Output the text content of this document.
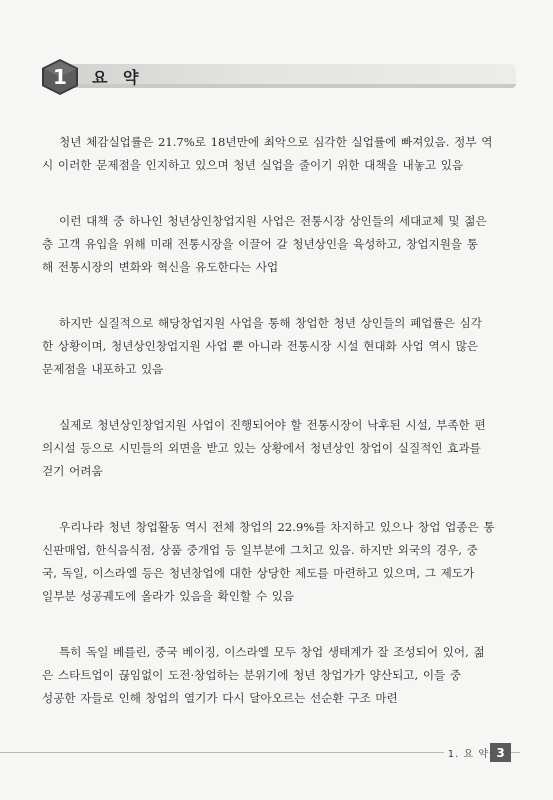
1	요 약

청년 체감실업률은 21.7%로 18년만에 최악으로 심각한 실업률에 빠져있음. 정부 역
시 이러한 문제점을 인지하고 있으며 청년 실업을 줄이기 위한 대책을 내놓고 있음

이런 대책 중 하나인 청년상인창업지원 사업은 전통시장 상인들의 세대교체 및 젊은
층 고객 유입을 위해 미래 전통시장을 이끌어 갈 청년상인을 육성하고, 창업지원을 통
해 전통시장의 변화와 혁신을 유도한다는 사업

하지만 실질적으로 해당창업지원 사업을 통해 창업한 청년 상인들의 폐업률은 심각
한 상황이며, 청년상인창업지원 사업 뿐 아니라 전통시장 시설 현대화 사업 역시 많은
문제점을 내포하고 있음

실제로 청년상인창업지원 사업이 진행되어야 할 전통시장이 낙후된 시설, 부족한 편
의시설 등으로 시민들의 외면을 받고 있는 상황에서 청년상인 창업이 실질적인 효과를
걷기 어려움

우리나라 청년 창업활동 역시 전체 창업의 22.9%를 차지하고 있으나 창업 업종은 통
신판매업, 한식음식점, 상품 중개업 등 일부분에 그치고 있음. 하지만 외국의 경우, 중
국, 독일, 이스라엘 등은 청년창업에 대한 상당한 제도를 마련하고 있으며, 그 제도가
일부분 성공궤도에 올라가 있음을 확인할 수 있음

특히 독일 베를린, 중국 베이징, 이스라엘 모두 창업 생태계가 잘 조성되어 있어, 젊
은 스타트업이 끊임없이 도전·창업하는 분위기에 청년 창업가가 양산되고, 이들 중
성공한 자들로 인해 창업의 열기가 다시 달아오르는 선순환 구조 마련

1. 요 약 3
